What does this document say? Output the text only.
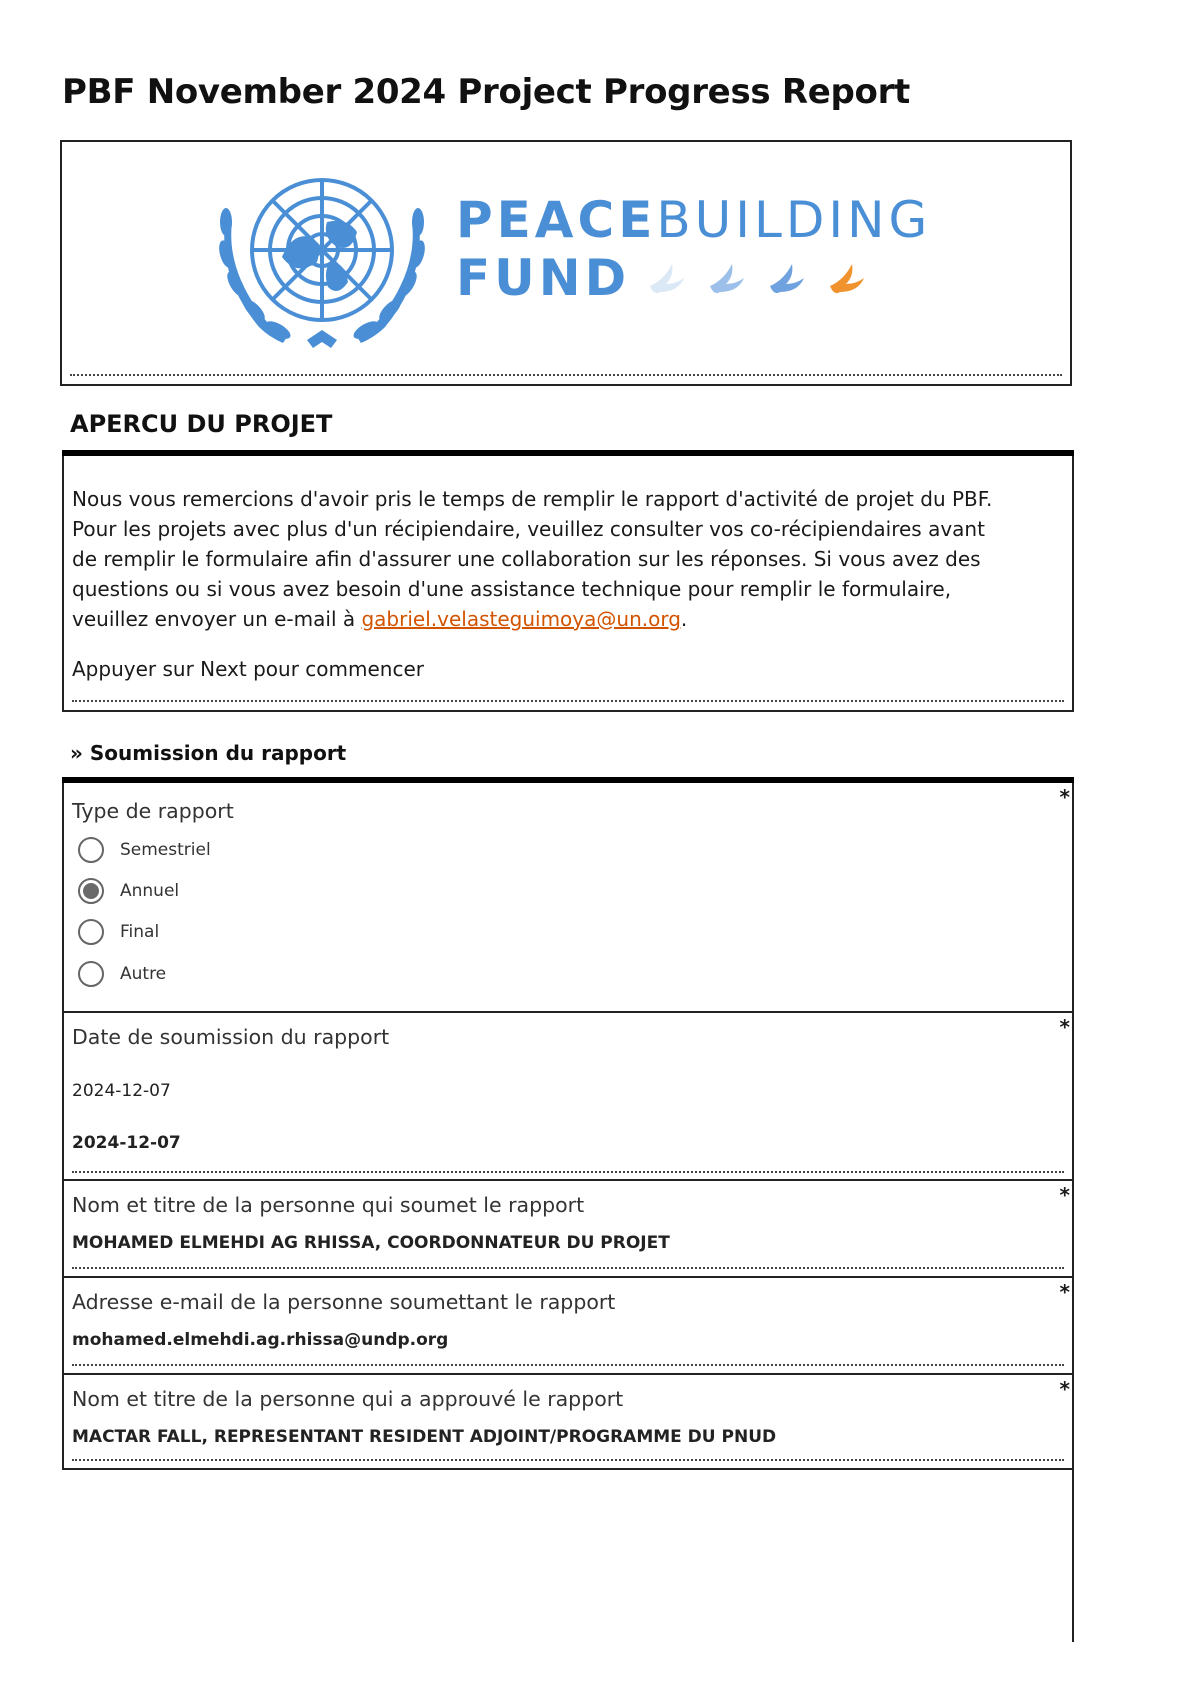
PBF November 2024 Project Progress Report
PEACEBUILDING
FUND
APERCU DU PROJET

Nous vous remercions d'avoir pris le temps de remplir le rapport d'activité de projet du PBF. Pour les projets avec plus d'un récipiendaire, veuillez consulter vos co-récipiendaires avant de remplir le formulaire afin d'assurer une collaboration sur les réponses. Si vous avez des questions ou si vous avez besoin d'une assistance technique pour remplir le formulaire, veuillez envoyer un e-mail à gabriel.velasteguimoya@un.org.

Appuyer sur Next pour commencer

» Soumission du rapport
Type de rapport
*
Semestriel
Annuel
Final
Autre
Date de soumission du rapport	*
2024-12-07
2024-12-07
Nom et titre de la personne qui soumet le rapport	*
MOHAMED ELMEHDI AG RHISSA, COORDONNATEUR DU PROJET
Adresse e-mail de la personne soumettant le rapport	*
mohamed.elmehdi.ag.rhissa@undp.org
Nom et titre de la personne qui a approuvé le rapport	*
MACTAR FALL, REPRESENTANT RESIDENT ADJOINT/PROGRAMME DU PNUD
